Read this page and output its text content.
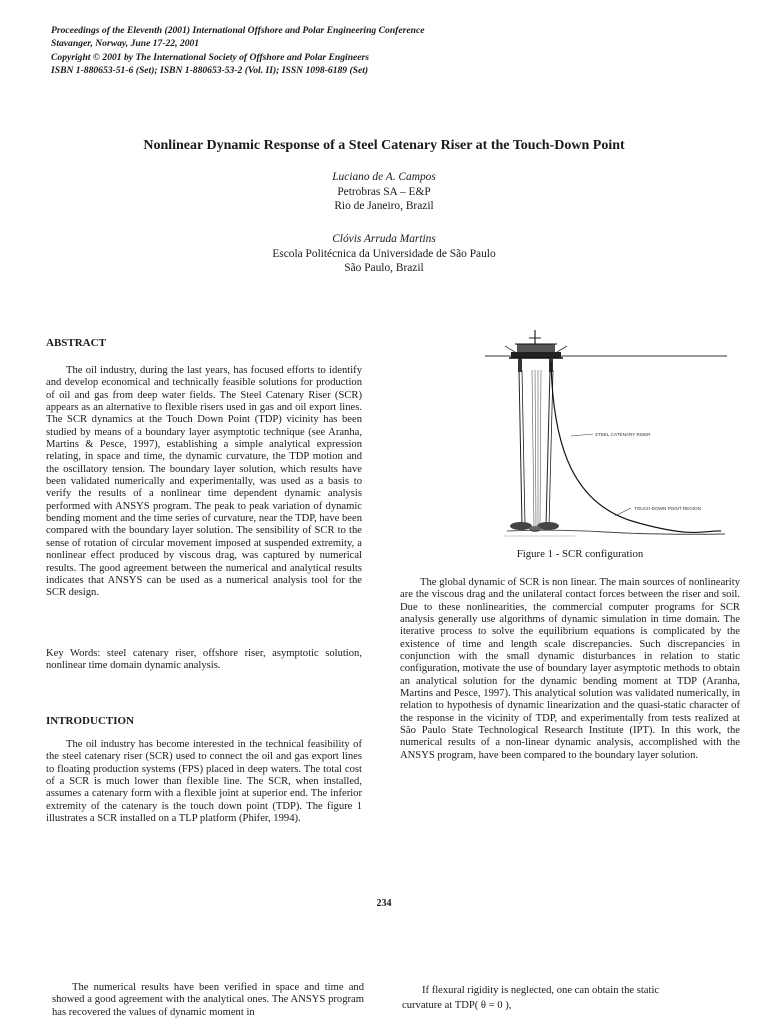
Proceedings of the Eleventh (2001) International Offshore and Polar Engineering Conference
Stavanger, Norway, June 17-22, 2001
Copyright © 2001 by The International Society of Offshore and Polar Engineers
ISBN 1-880653-51-6 (Set); ISBN 1-880653-53-2 (Vol. II); ISSN 1098-6189 (Set)
Nonlinear Dynamic Response of a Steel Catenary Riser at the Touch-Down Point
Luciano de A. Campos
Petrobras SA – E&P
Rio de Janeiro, Brazil
Clóvis Arruda Martins
Escola Politécnica da Universidade de São Paulo
São Paulo, Brazil
ABSTRACT
The oil industry, during the last years, has focused efforts to identify and develop economical and technically feasible solutions for production of oil and gas from deep water fields. The Steel Catenary Riser (SCR) appears as an alternative to flexible risers used in gas and oil export lines. The SCR dynamics at the Touch Down Point (TDP) vicinity has been studied by means of a boundary layer asymptotic technique (see Aranha, Martins & Pesce, 1997), establishing a simple analytical expression relating, in space and time, the dynamic curvature, the TDP motion and the oscillatory tension. The boundary layer solution, which results have been validated numerically and experimentally, was used as a basis to verify the results of a nonlinear time dependent dynamic analysis performed with ANSYS program. The peak to peak variation of dynamic bending moment and the time series of curvature, near the TDP, have been compared with the boundary layer solution. The sensibility of SCR to the sense of rotation of circular movement imposed at suspended extremity, a nonlinear effect produced by viscous drag, was captured by numerical results. The good agreement between the numerical and analytical results indicates that ANSYS can be used as a numerical analysis tool for the SCR design.
Key Words: steel catenary riser, offshore riser, asymptotic solution, nonlinear time domain dynamic analysis.
INTRODUCTION
The oil industry has become interested in the technical feasibility of the steel catenary riser (SCR) used to connect the oil and gas export lines to floating production systems (FPS) placed in deep waters. The total cost of a SCR is much lower than flexible line. The SCR, when installed, assumes a catenary form with a flexible joint at superior end. The inferior extremity of the catenary is the touch down point (TDP). The figure 1 illustrates a SCR installed on a TLP platform (Phifer, 1994).
STEEL CATENARY RISER
TOUCH-DOWN POINT REGION
Figure 1 - SCR configuration
The global dynamic of SCR is non linear. The main sources of nonlinearity are the viscous drag and the unilateral contact forces between the riser and soil. Due to these nonlinearities, the commercial computer programs for SCR analysis generally use algorithms of dynamic simulation in time domain. The iterative process to solve the equilibrium equations is complicated by the existence of time and length scale discrepancies. Such discrepancies in conjunction with the small dynamic disturbances in relation to static configuration, motivate the use of boundary layer asymptotic methods to obtain an analytical solution for the dynamic bending moment at TDP (Aranha, Martins and Pesce, 1997). This analytical solution was validated numerically, in relation to hypothesis of dynamic linearization and the quasi-static character of the response in the vicinity of TDP, and experimentally from tests realized at São Paulo State Technological Research Institute (IPT). In this work, the numerical results of a non-linear dynamic analysis, accomplished with the ANSYS program, have been compared to the boundary layer solution.
234
The numerical results have been verified in space and time and showed a good agreement with the analytical ones. The ANSYS program has recovered the values of dynamic moment in
If flexural rigidity is neglected, one can obtain the static
curvature at TDP( θ = 0 ),
